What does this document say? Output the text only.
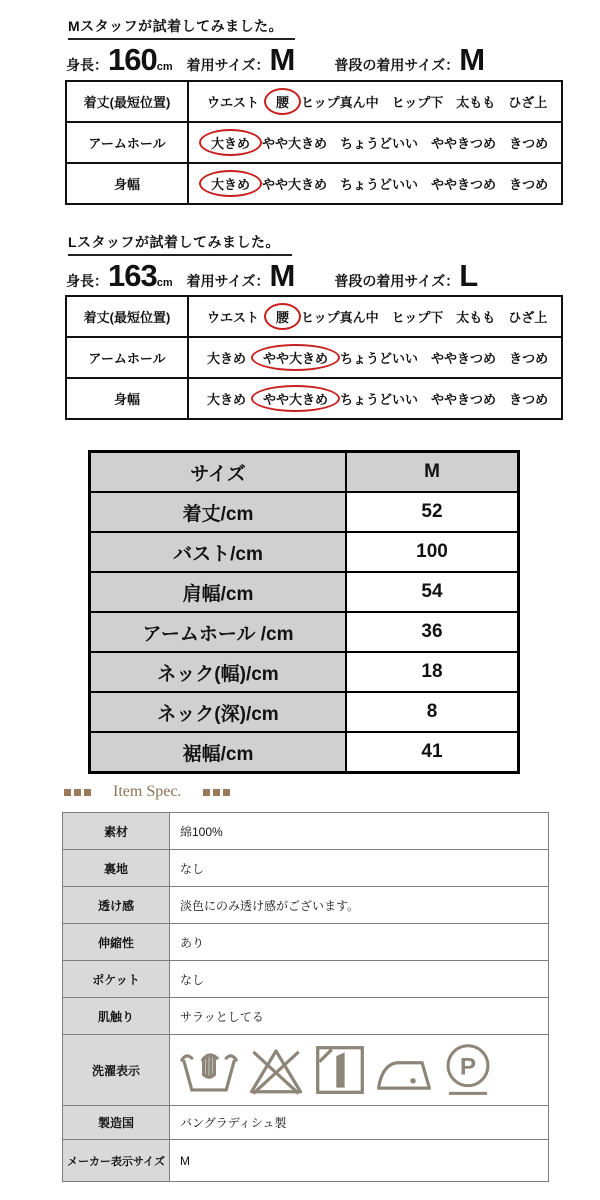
Mスタッフが試着してみました。
身長：160cm 着用サイズ：M	普段の着用サイズ：M
着丈(最短位置)	ウエスト 腰 ヒップ真ん中 ヒップ下 太もも ひざ上
アームホール	大きめ やや大きめ ちょうどいい ややきつめ きつめ
身幅	大きめ やや大きめ ちょうどいい ややきつめ きつめ
Lスタッフが試着してみました。
身長：163cm 着用サイズ：M	普段の着用サイズ：L
着丈(最短位置)	ウエスト 腰 ヒップ真ん中 ヒップ下 太もも ひざ上
アームホール	大きめ やや大きめ ちょうどいい ややきつめ きつめ
身幅	大きめ やや大きめ ちょうどいい ややきつめ きつめ
サイズ	M
着丈/cm	52
バスト/cm	100
肩幅/cm	54
アームホール /cm	36
ネック(幅)/cm	18
ネック(深)/cm	8
裾幅/cm	41
Item Spec.
素材	綿100%
裏地	なし
透け感	淡色にのみ透け感がございます。
伸縮性	あり
ポケット	なし
肌触り	サラッとしてる
洗濯表示	P

製造国	バングラディシュ製
メーカー表示サイズ	M
